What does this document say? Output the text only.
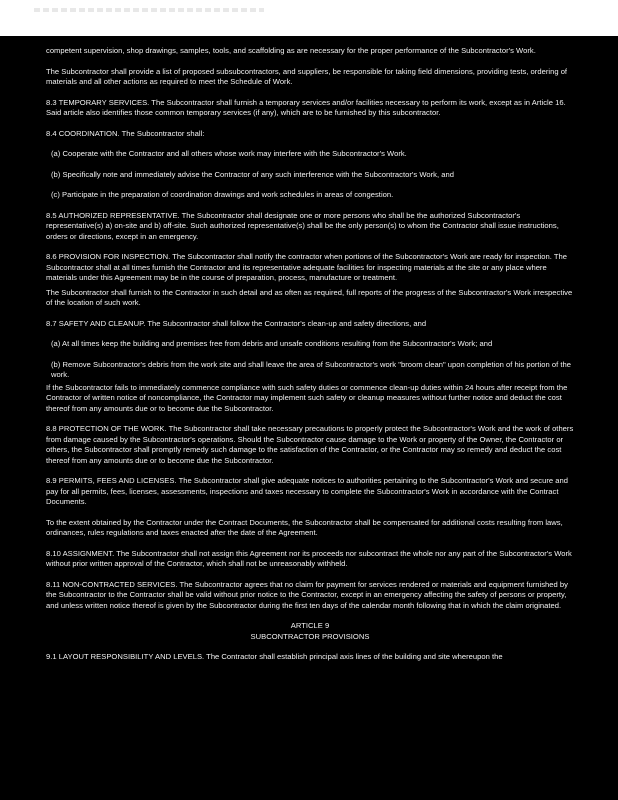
competent supervision, shop drawings, samples, tools, and scaffolding as are necessary for the proper performance of the Subcontractor's Work.

The Subcontractor shall provide a list of proposed subsubcontractors, and suppliers, be responsible for taking field dimensions, providing tests, ordering of materials and all other actions as required to meet the Schedule of Work.

8.3 TEMPORARY SERVICES. The Subcontractor shall furnish a temporary services and/or facilities necessary to perform its work, except as in Article 16. Said article also identifies those common temporary services (if any), which are to be furnished by this subcontractor.

8.4 COORDINATION. The Subcontractor shall:

(a) Cooperate with the Contractor and all others whose work may interfere with the Subcontractor's Work.

(b) Specifically note and immediately advise the Contractor of any such interference with the Subcontractor's Work, and

(c) Participate in the preparation of coordination drawings and work schedules in areas of congestion.

8.5 AUTHORIZED REPRESENTATIVE. The Subcontractor shall designate one or more persons who shall be the authorized Subcontractor's representative(s) a) on-site and b) off-site. Such authorized representative(s) shall be the only person(s) to whom the Contractor shall issue instructions, orders or directions, except in an emergency.

8.6 PROVISION FOR INSPECTION. The Subcontractor shall notify the contractor when portions of the Subcontractor's Work are ready for inspection. The Subcontractor shall at all times furnish the Contractor and its representative adequate facilities for inspecting materials at the site or any place where materials under this Agreement may be in the course of preparation, process, manufacture or treatment.

The Subcontractor shall furnish to the Contractor in such detail and as often as required, full reports of the progress of the Subcontractor's Work irrespective of the location of such work.

8.7 SAFETY AND CLEANUP. The Subcontractor shall follow the Contractor's clean-up and safety directions, and

(a) At all times keep the building and premises free from debris and unsafe conditions resulting from the Subcontractor's Work; and

(b) Remove Subcontractor's debris from the work site and shall leave the area of Subcontractor's work "broom clean" upon completion of his portion of the work.

If the Subcontractor fails to immediately commence compliance with such safety duties or commence clean-up duties within 24 hours after receipt from the Contractor of written notice of noncompliance, the Contractor may implement such safety or cleanup measures without further notice and deduct the cost thereof from any amounts due or to become due the Subcontractor.

8.8 PROTECTION OF THE WORK. The Subcontractor shall take necessary precautions to properly protect the Subcontractor's Work and the work of others from damage caused by the Subcontractor's operations. Should the Subcontractor cause damage to the Work or property of the Owner, the Contractor or others, the Subcontractor shall promptly remedy such damage to the satisfaction of the Contractor, or the Contractor may so remedy and deduct the cost thereof from any amounts due or to become due the Subcontractor.

8.9 PERMITS, FEES AND LICENSES. The Subcontractor shall give adequate notices to authorities pertaining to the Subcontractor's Work and secure and pay for all permits, fees, licenses, assessments, inspections and taxes necessary to complete the Subcontractor's Work in accordance with the Contract Documents.

To the extent obtained by the Contractor under the Contract Documents, the Subcontractor shall be compensated for additional costs resulting from laws, ordinances, rules regulations and taxes enacted after the date of the Agreement.

8.10 ASSIGNMENT. The Subcontractor shall not assign this Agreement nor its proceeds nor subcontract the whole nor any part of the Subcontractor's Work without prior written approval of the Contractor, which shall not be unreasonably withheld.

8.11 NON-CONTRACTED SERVICES. The Subcontractor agrees that no claim for payment for services rendered or materials and equipment furnished by the Subcontractor to the Contractor shall be valid without prior notice to the Contractor, except in an emergency affecting the safety of persons or property, and unless written notice thereof is given by the Subcontractor during the first ten days of the calendar month following that in which the claim originated.

ARTICLE 9

SUBCONTRACTOR PROVISIONS

9.1 LAYOUT RESPONSIBILITY AND LEVELS. The Contractor shall establish principal axis lines of the building and site whereupon the
